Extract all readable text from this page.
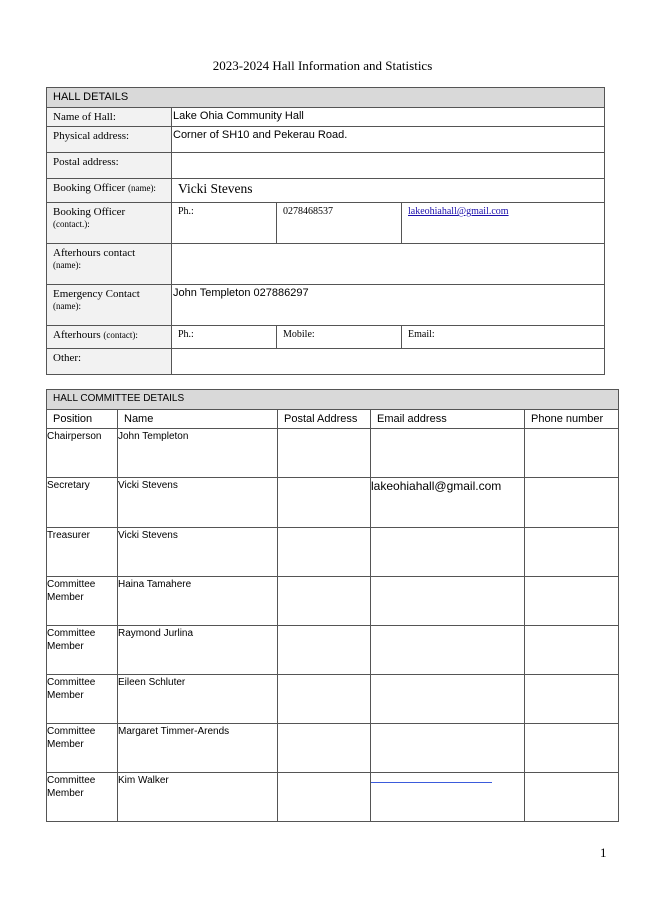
2023-2024 Hall Information and Statistics
HALL DETAILS			
Name of Hall:	Lake Ohia Community Hall		
Physical address:	Corner of SH10 and Pekerau Road.		
Postal address:			
Booking Officer (name):	Vicki Stevens		
Booking Officer
(contact.):	Ph.:	0278468537	lakeohiahall@gmail.com
Afterhours contact
(name):			
Emergency Contact
(name):	John Templeton 027886297		
Afterhours (contact):	Ph.:	Mobile:	Email:
Other:			
HALL COMMITTEE DETAILS				
Position	Name	Postal Address	Email address	Phone number
Chairperson	John Templeton			
Secretary	Vicki Stevens		lakeohiahall@gmail.com	
Treasurer	Vicki Stevens			
Committee Member	Haina Tamahere			
Committee Member	Raymond Jurlina			
Committee Member	Eileen Schluter			
Committee Member	Margaret Timmer-Arends			
Committee Member	Kim Walker		

1
